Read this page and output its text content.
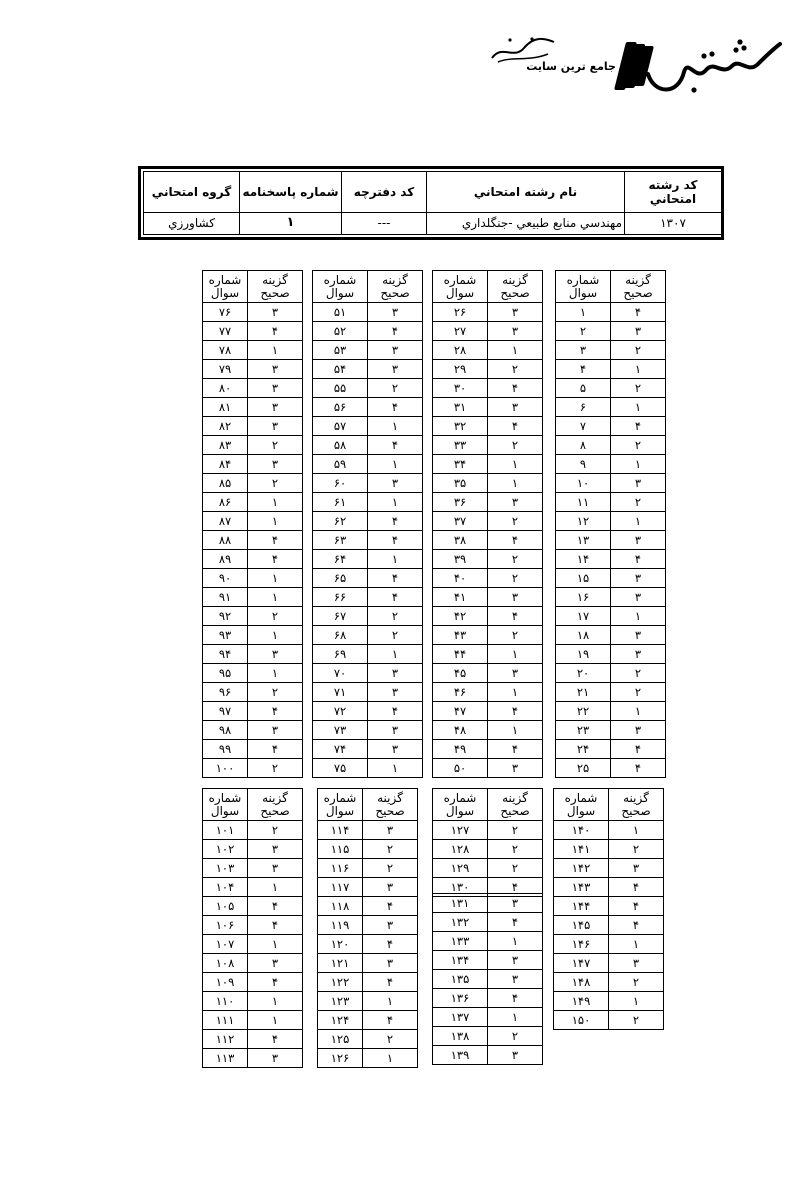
جامع ترین سایت
كد رشته امتحاني	نام رشته امتحاني	كد دفترچه	شماره پاسخنامه	گروه امتحاني
۱۳۰۷	مهندسي منابع طبيعي -جنگلداري	---	۱	كشاورزي
گزينه صحيح	شماره سوال
۴	۱
۳	۲
۲	۳
۱	۴
۲	۵
۱	۶
۴	۷
۲	۸
۱	۹
۳	۱۰
۲	۱۱
۱	۱۲
۳	۱۳
۴	۱۴
۳	۱۵
۳	۱۶
۱	۱۷
۳	۱۸
۳	۱۹
۲	۲۰
۲	۲۱
۱	۲۲
۳	۲۳
۴	۲۴
۴	۲۵
گزينه صحيح	شماره سوال
۳	۲۶
۳	۲۷
۱	۲۸
۲	۲۹
۴	۳۰
۳	۳۱
۴	۳۲
۲	۳۳
۱	۳۴
۱	۳۵
۳	۳۶
۲	۳۷
۴	۳۸
۲	۳۹
۲	۴۰
۳	۴۱
۴	۴۲
۲	۴۳
۱	۴۴
۳	۴۵
۱	۴۶
۴	۴۷
۱	۴۸
۴	۴۹
۳	۵۰
گزينه صحيح	شماره سوال
۳	۵۱
۴	۵۲
۳	۵۳
۳	۵۴
۲	۵۵
۴	۵۶
۱	۵۷
۴	۵۸
۱	۵۹
۳	۶۰
۱	۶۱
۴	۶۲
۴	۶۳
۱	۶۴
۴	۶۵
۴	۶۶
۲	۶۷
۲	۶۸
۱	۶۹
۳	۷۰
۳	۷۱
۴	۷۲
۳	۷۳
۳	۷۴
۱	۷۵
گزينه صحيح	شماره سوال
۳	۷۶
۴	۷۷
۱	۷۸
۳	۷۹
۳	۸۰
۳	۸۱
۳	۸۲
۲	۸۳
۳	۸۴
۲	۸۵
۱	۸۶
۱	۸۷
۴	۸۸
۴	۸۹
۱	۹۰
۱	۹۱
۲	۹۲
۱	۹۳
۳	۹۴
۱	۹۵
۲	۹۶
۴	۹۷
۳	۹۸
۴	۹۹
۲	۱۰۰
گزينه صحيح	شماره سوال
۲	۱۰۱
۳	۱۰۲
۳	۱۰۳
۱	۱۰۴
۴	۱۰۵
۴	۱۰۶
۱	۱۰۷
۳	۱۰۸
۴	۱۰۹
۱	۱۱۰
۱	۱۱۱
۴	۱۱۲
۳	۱۱۳
گزينه صحيح	شماره سوال
۳	۱۱۴
۲	۱۱۵
۲	۱۱۶
۳	۱۱۷
۴	۱۱۸
۳	۱۱۹
۴	۱۲۰
۳	۱۲۱
۴	۱۲۲
۱	۱۲۳
۴	۱۲۴
۲	۱۲۵
۱	۱۲۶
گزينه صحيح	شماره سوال
۲	۱۲۷
۲	۱۲۸
۲	۱۲۹
۴	۱۳۰
۳	۱۳۱
۴	۱۳۲
۱	۱۳۳
۳	۱۳۴
۳	۱۳۵
۴	۱۳۶
۱	۱۳۷
۲	۱۳۸
۳	۱۳۹
گزينه صحيح	شماره سوال
۱	۱۴۰
۲	۱۴۱
۳	۱۴۲
۴	۱۴۳
۴	۱۴۴
۴	۱۴۵
۱	۱۴۶
۳	۱۴۷
۲	۱۴۸
۱	۱۴۹
۲	۱۵۰
